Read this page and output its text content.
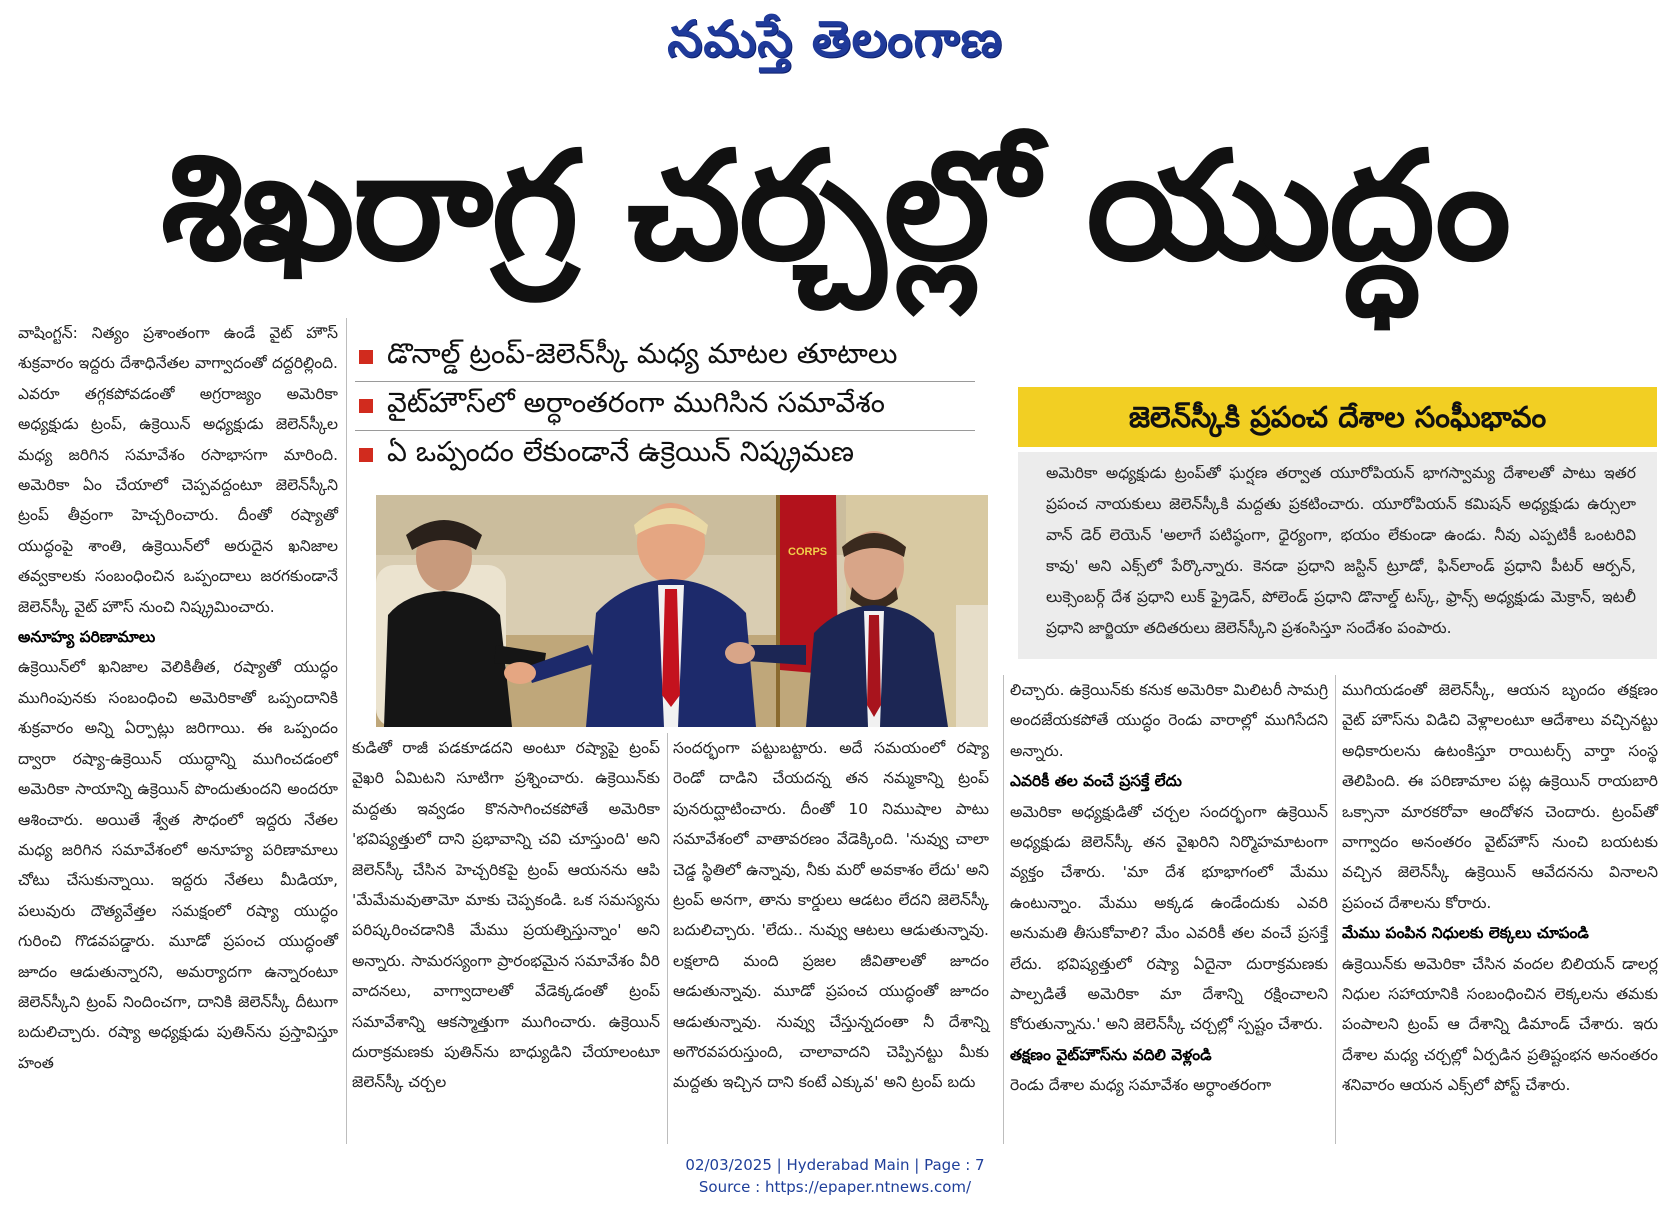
నమస్తే తెలంగాణ
శిఖరాగ్ర చర్చల్లో యుద్ధం

వాషింగ్టన్‌: నిత్యం ప్రశాంతంగా ఉండే వైట్‌ హౌస్‌ శుక్రవారం ఇద్దరు దేశాధినేతల వాగ్వాదంతో దద్దరిల్లింది. ఎవరూ తగ్గకపోవడంతో అగ్రరాజ్యం అమెరికా అధ్యక్షుడు ట్రంప్‌, ఉక్రెయిన్‌ అధ్యక్షుడు జెలెన్‌స్కీల మధ్య జరిగిన సమావేశం రసాభాసగా మారింది. అమెరికా ఏం చేయాలో చెప్పవద్దంటూ జెలెన్‌స్కీని ట్రంప్‌ తీవ్రంగా హెచ్చరించారు. దీంతో రష్యాతో యుద్ధంపై శాంతి, ఉక్రెయిన్‌లో అరుదైన ఖనిజాల తవ్వకాలకు సంబంధించిన ఒప్పందాలు జరగకుండానే జెలెన్‌స్కీ వైట్‌ హౌస్‌ నుంచి నిష్క్రమించారు.

అనూహ్య పరిణామాలు

ఉక్రెయిన్‌లో ఖనిజాల వెలికితీత, రష్యాతో యుద్ధం ముగింపునకు సంబంధించి అమెరికాతో ఒప్పందానికి శుక్రవారం అన్ని ఏర్పాట్లు జరిగాయి. ఈ ఒప్పందం ద్వారా రష్యా-ఉక్రెయిన్‌ యుద్ధాన్ని ముగించడంలో అమెరికా సాయాన్ని ఉక్రెయిన్‌ పొందుతుందని అందరూ ఆశించారు. అయితే శ్వేత సౌధంలో ఇద్దరు నేతల మధ్య జరిగిన సమావేశంలో అనూహ్య పరిణామాలు చోటు చేసుకున్నాయి. ఇద్దరు నేతలు మీడియా, పలువురు దౌత్యవేత్తల సమక్షంలో రష్యా యుద్ధం గురించి గొడవపడ్డారు. మూడో ప్రపంచ యుద్ధంతో జూదం ఆడుతున్నారని, అమర్యాదగా ఉన్నారంటూ జెలెన్‌స్కీని ట్రంప్‌ నిందించగా, దానికి జెలెన్‌స్కీ దీటుగా బదులిచ్చారు. రష్యా అధ్యక్షుడు పుతిన్‌ను ప్రస్తావిస్తూ హంత

డొనాల్డ్ ట్రంప్‌-జెలెన్‌స్కీ మధ్య మాటల తూటాలు
వైట్‌హౌస్‌లో అర్ధాంతరంగా ముగిసిన సమావేశం
ఏ ఒప్పందం లేకుండానే ఉక్రెయిన్‌ నిష్క్రమణ
CORPS

కుడితో రాజీ పడకూడదని అంటూ రష్యాపై ట్రంప్‌ వైఖరి ఏమిటని సూటిగా ప్రశ్నించారు. ఉక్రెయిన్‌కు మద్దతు ఇవ్వడం కొనసాగించకపోతే అమెరికా 'భవిష్యత్తులో దాని ప్రభావాన్ని చవి చూస్తుంది' అని జెలెన్‌స్కీ చేసిన హెచ్చరికపై ట్రంప్‌ ఆయనను ఆపి 'మేమేమవుతామో మాకు చెప్పకండి. ఒక సమస్యను పరిష్కరించడానికి మేము ప్రయత్నిస్తున్నాం' అని అన్నారు. సామరస్యంగా ప్రారంభమైన సమావేశం వీరి వాదనలు, వాగ్వాదాలతో వేడెక్కడంతో ట్రంప్‌ సమావేశాన్ని ఆకస్మాత్తుగా ముగించారు. ఉక్రెయిన్‌ దురాక్రమణకు పుతిన్‌ను బాధ్యుడిని చేయాలంటూ జెలెన్‌స్కీ చర్చల

సందర్భంగా పట్టుబట్టారు. అదే సమయంలో రష్యా రెండో దాడిని చేయదన్న తన నమ్మకాన్ని ట్రంప్‌ పునరుద్ఘాటించారు. దీంతో 10 నిముషాల పాటు సమావేశంలో వాతావరణం వేడెక్కింది. 'నువ్వు చాలా చెడ్డ స్థితిలో ఉన్నావు, నీకు మరో అవకాశం లేదు' అని ట్రంప్‌ అనగా, తాను కార్డులు ఆడటం లేదని జెలెన్‌స్కీ బదులిచ్చారు. 'లేదు.. నువ్వు ఆటలు ఆడుతున్నావు. లక్షలాది మంది ప్రజల జీవితాలతో జూదం ఆడుతున్నావు. మూడో ప్రపంచ యుద్ధంతో జూదం ఆడుతున్నావు. నువ్వు చేస్తున్నదంతా నీ దేశాన్ని అగౌరవపరుస్తుంది, చాలావాదని చెప్పినట్టు మీకు మద్దతు ఇచ్చిన దాని కంటే ఎక్కువ' అని ట్రంప్‌ బదు

జెలెన్‌స్కీకి ప్రపంచ దేశాల సంఘీభావం
అమెరికా అధ్యక్షుడు ట్రంప్‌తో ఘర్షణ తర్వాత యూరోపియన్‌ భాగస్వామ్య దేశాలతో పాటు ఇతర ప్రపంచ నాయకులు జెలెన్‌స్కీకి మద్దతు ప్రకటించారు. యూరోపియన్‌ కమిషన్‌ అధ్యక్షుడు ఉర్సులా వాన్‌ డెర్‌ లెయెన్‌ 'అలాగే పటిష్ఠంగా, ధైర్యంగా, భయం లేకుండా ఉండు. నీవు ఎప్పటికీ ఒంటరివి కావు' అని ఎక్స్‌లో పేర్కొన్నారు. కెనడా ప్రధాని జస్టిన్‌ ట్రూడో, ఫిన్‌లాండ్‌ ప్రధాని పీటర్‌ ఆర్పన్‌, లుక్సెంబర్గ్‌ దేశ ప్రధాని లుక్‌ ఫ్రైడెన్‌, పోలెండ్‌ ప్రధాని డొనాల్డ్‌ టస్క్‌, ఫ్రాన్స్‌ అధ్యక్షుడు మెక్రాన్‌, ఇటలీ ప్రధాని జార్జియా తదితరులు జెలెన్‌స్కీని ప్రశంసిస్తూ సందేశం పంపారు.

లిచ్చారు. ఉక్రెయిన్‌కు కనుక అమెరికా మిలిటరీ సామగ్రి అందజేయకపోతే యుద్ధం రెండు వారాల్లో ముగిసేదని అన్నారు.

ఎవరికీ తల వంచే ప్రసక్తే లేదు

అమెరికా అధ్యక్షుడితో చర్చల సందర్భంగా ఉక్రెయిన్‌ అధ్యక్షుడు జెలెన్‌స్కీ తన వైఖరిని నిర్మొహమాటంగా వ్యక్తం చేశారు. 'మా దేశ భూభాగంలో మేము ఉంటున్నాం. మేము అక్కడ ఉండేందుకు ఎవరి అనుమతి తీసుకోవాలి? మేం ఎవరికీ తల వంచే ప్రసక్తే లేదు. భవిష్యత్తులో రష్యా ఏదైనా దురాక్రమణకు పాల్పడితే అమెరికా మా దేశాన్ని రక్షించాలని కోరుతున్నాను.' అని జెలెన్‌స్కీ చర్చల్లో స్పష్టం చేశారు.

తక్షణం వైట్‌హౌస్‌ను వదిలి వెళ్లండి

రెండు దేశాల మధ్య సమావేశం అర్ధాంతరంగా

ముగియడంతో జెలెన్‌స్కీ, ఆయన బృందం తక్షణం వైట్‌ హౌస్‌ను విడిచి వెళ్లాలంటూ ఆదేశాలు వచ్చినట్టు అధికారులను ఉటంకిస్తూ రాయిటర్స్‌ వార్తా సంస్థ తెలిపింది. ఈ పరిణామాల పట్ల ఉక్రెయిన్‌ రాయబారి ఒక్సానా మారకరోవా ఆందోళన చెందారు. ట్రంప్‌తో వాగ్వాదం అనంతరం వైట్‌హౌస్‌ నుంచి బయటకు వచ్చిన జెలెన్‌స్కీ ఉక్రెయిన్‌ ఆవేదనను వినాలని ప్రపంచ దేశాలను కోరారు.

మేము పంపిన నిధులకు లెక్కలు చూపండి

ఉక్రెయిన్‌కు అమెరికా చేసిన వందల బిలియన్‌ డాలర్ల నిధుల సహాయానికి సంబంధించిన లెక్కలను తమకు పంపాలని ట్రంప్‌ ఆ దేశాన్ని డిమాండ్‌ చేశారు. ఇరు దేశాల మధ్య చర్చల్లో ఏర్పడిన ప్రతిష్టంభన అనంతరం శనివారం ఆయన ఎక్స్‌లో పోస్ట్‌ చేశారు.

02/03/2025 | Hyderabad Main | Page : 7
Source : https://epaper.ntnews.com/
